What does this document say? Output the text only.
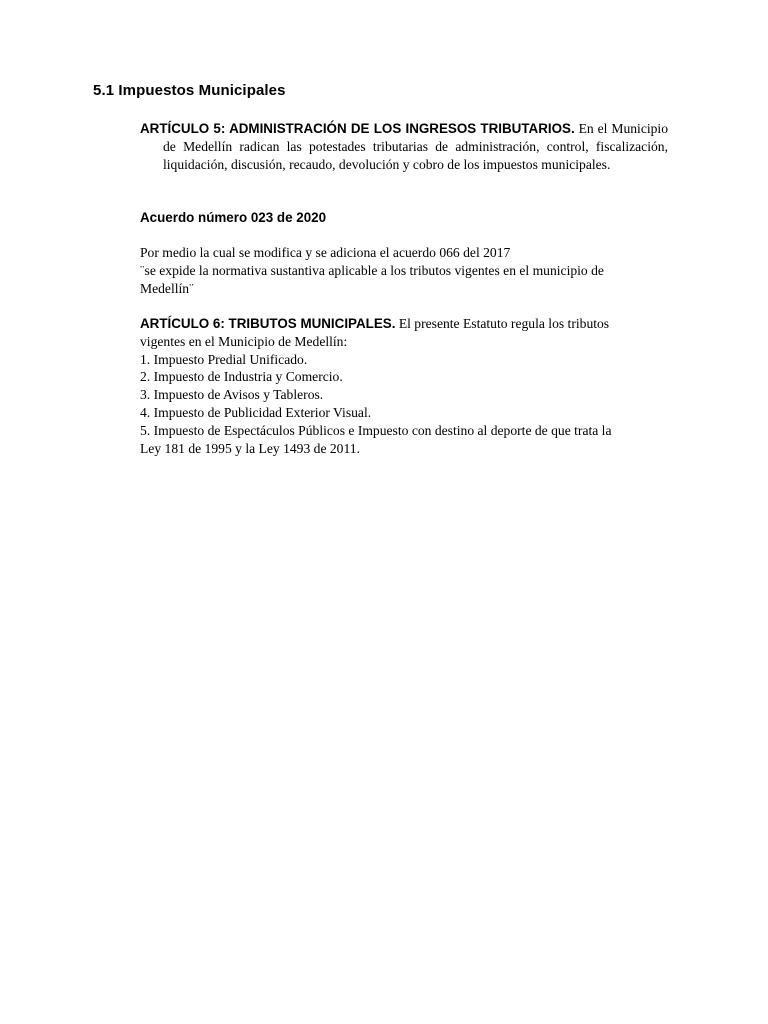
5.1 Impuestos Municipales
ARTÍCULO 5: ADMINISTRACIÓN DE LOS INGRESOS TRIBUTARIOS. En el Municipio de Medellín radican las potestades tributarias de administración, control, fiscalización, liquidación, discusión, recaudo, devolución y cobro de los impuestos municipales.
Acuerdo número 023 de 2020
Por medio la cual se modifica y se adiciona el acuerdo 066 del 2017
¨se expide la normativa sustantiva aplicable a los tributos vigentes en el municipio de
Medellín¨
ARTÍCULO 6: TRIBUTOS MUNICIPALES. El presente Estatuto regula los tributos
vigentes en el Municipio de Medellín:
1. Impuesto Predial Unificado.
2. Impuesto de Industria y Comercio.
3. Impuesto de Avisos y Tableros.
4. Impuesto de Publicidad Exterior Visual.
5. Impuesto de Espectáculos Públicos e Impuesto con destino al deporte de que trata la
Ley 181 de 1995 y la Ley 1493 de 2011.
